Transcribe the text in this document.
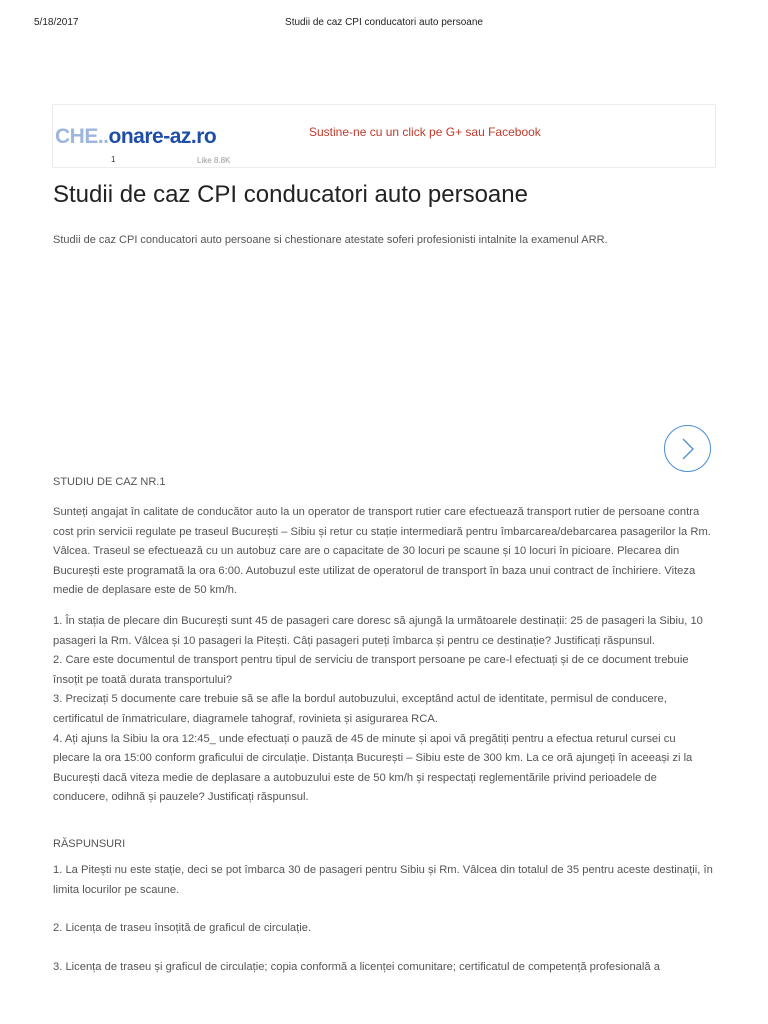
5/18/2017	Studii de caz CPI conducatori auto persoane
CHE..onare-az.ro
1	Like 8.8K
Sustine-ne cu un click pe G+ sau Facebook
Studii de caz CPI conducatori auto persoane
Studii de caz CPI conducatori auto persoane si chestionare atestate soferi profesionisti intalnite la examenul ARR.
STUDIU DE CAZ NR.1

Sunteți angajat în calitate de conducător auto la un operator de transport rutier care efectuează transport rutier de persoane contra cost prin servicii regulate pe traseul București – Sibiu și retur cu stație intermediară pentru îmbarcarea/debarcarea pasagerilor la Rm. Vâlcea. Traseul se efectuează cu un autobuz care are o capacitate de 30 locuri pe scaune și 10 locuri în picioare. Plecarea din București este programată la ora 6:00. Autobuzul este utilizat de operatorul de transport în baza unui contract de închiriere. Viteza medie de deplasare este de 50 km/h.

1. În stația de plecare din București sunt 45 de pasageri care doresc să ajungă la următoarele destinații: 25 de pasageri la Sibiu, 10 pasageri la Rm. Vâlcea și 10 pasageri la Pitești. Câți pasageri puteți îmbarca și pentru ce destinație? Justificați răspunsul.

2. Care este documentul de transport pentru tipul de serviciu de transport persoane pe care-l efectuați și de ce document trebuie însoțit pe toată durata transportului?

3. Precizați 5 documente care trebuie să se afle la bordul autobuzului, exceptând actul de identitate, permisul de conducere, certificatul de înmatriculare, diagramele tahograf, rovinieta și asigurarea RCA.

4. Ați ajuns la Sibiu la ora 12:45_ unde efectuați o pauză de 45 de minute și apoi vă pregătiți pentru a efectua returul cursei cu plecare la ora 15:00 conform graficului de circulație. Distanța București – Sibiu este de 300 km. La ce oră ajungeți în aceeași zi la București dacă viteza medie de deplasare a autobuzului este de 50 km/h și respectați reglementările privind perioadele de conducere, odihnă și pauzele? Justificați răspunsul.

RĂSPUNSURI

1. La Pitești nu este stație, deci se pot îmbarca 30 de pasageri pentru Sibiu și Rm. Vâlcea din totalul de 35 pentru aceste destinații, în limita locurilor pe scaune.

2. Licența de traseu însoțită de graficul de circulație.

3. Licența de traseu și graficul de circulație; copia conformă a licenței comunitare; certificatul de competență profesională a
